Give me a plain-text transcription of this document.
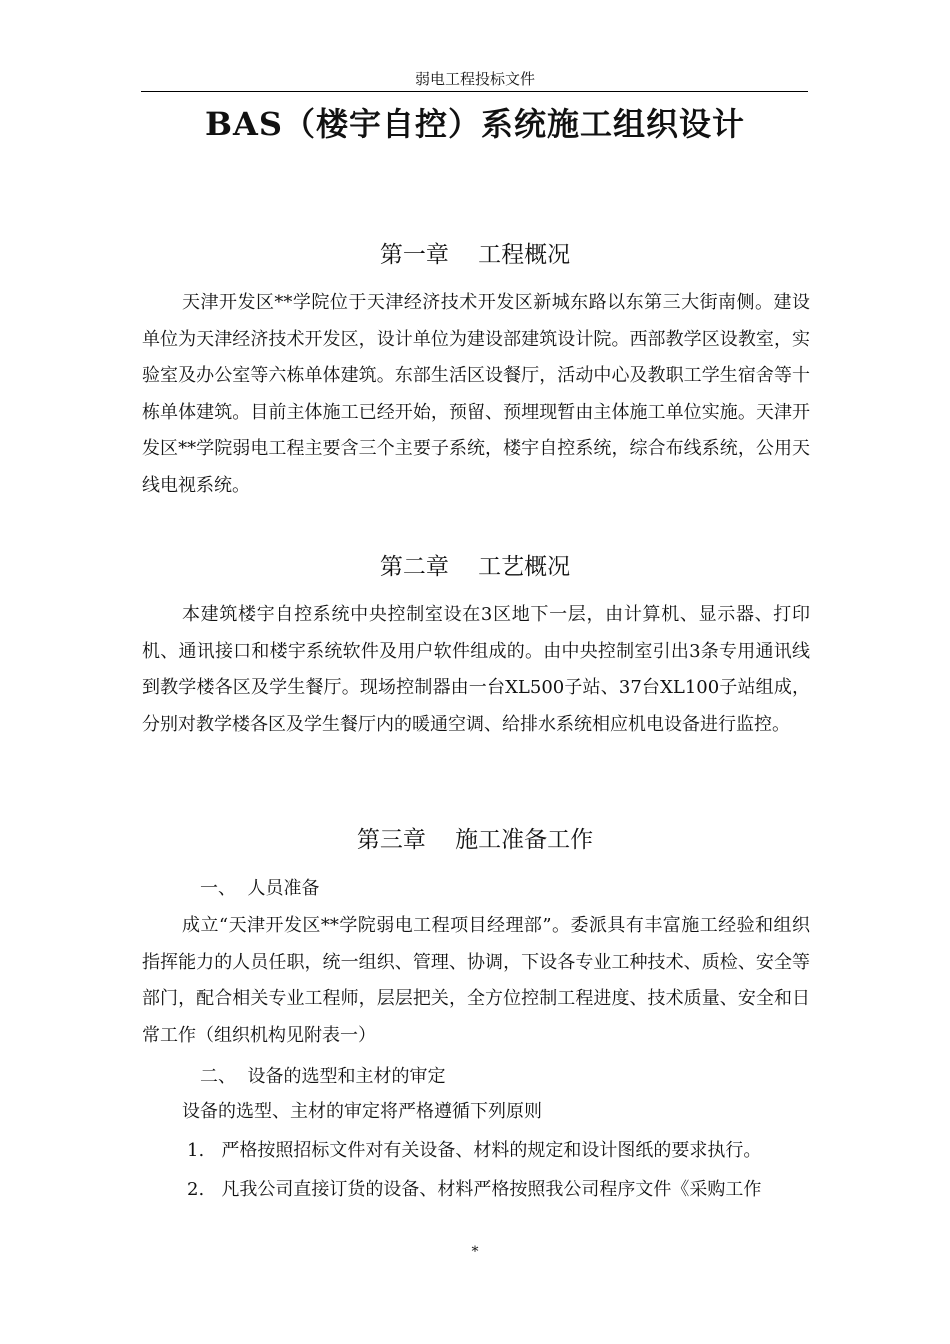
弱电工程投标文件
BAS（楼宇自控）系统施工组织设计
第一章    工程概况
天津开发区**学院位于天津经济技术开发区新城东路以东第三大街南侧。建设单位为天津经济技术开发区，设计单位为建设部建筑设计院。西部教学区设教室，实验室及办公室等六栋单体建筑。东部生活区设餐厅，活动中心及教职工学生宿舍等十栋单体建筑。目前主体施工已经开始，预留、预埋现暂由主体施工单位实施。天津开发区**学院弱电工程主要含三个主要子系统，楼宇自控系统，综合布线系统，公用天线电视系统。
第二章    工艺概况
本建筑楼宇自控系统中央控制室设在3区地下一层，由计算机、显示器、打印机、通讯接口和楼宇系统软件及用户软件组成的。由中央控制室引出3条专用通讯线到教学楼各区及学生餐厅。现场控制器由一台XL500子站、37台XL100子站组成，分别对教学楼各区及学生餐厅内的暖通空调、给排水系统相应机电设备进行监控。
第三章    施工准备工作
一、  人员准备
成立“天津开发区**学院弱电工程项目经理部”。委派具有丰富施工经验和组织指挥能力的人员任职，统一组织、管理、协调，下设各专业工种技术、质检、安全等部门，配合相关专业工程师，层层把关，全方位控制工程进度、技术质量、安全和日常工作（组织机构见附表一）
二、  设备的选型和主材的审定
设备的选型、主材的审定将严格遵循下列原则
1.   严格按照招标文件对有关设备、材料的规定和设计图纸的要求执行。
2.   凡我公司直接订货的设备、材料严格按照我公司程序文件《采购工作
*
